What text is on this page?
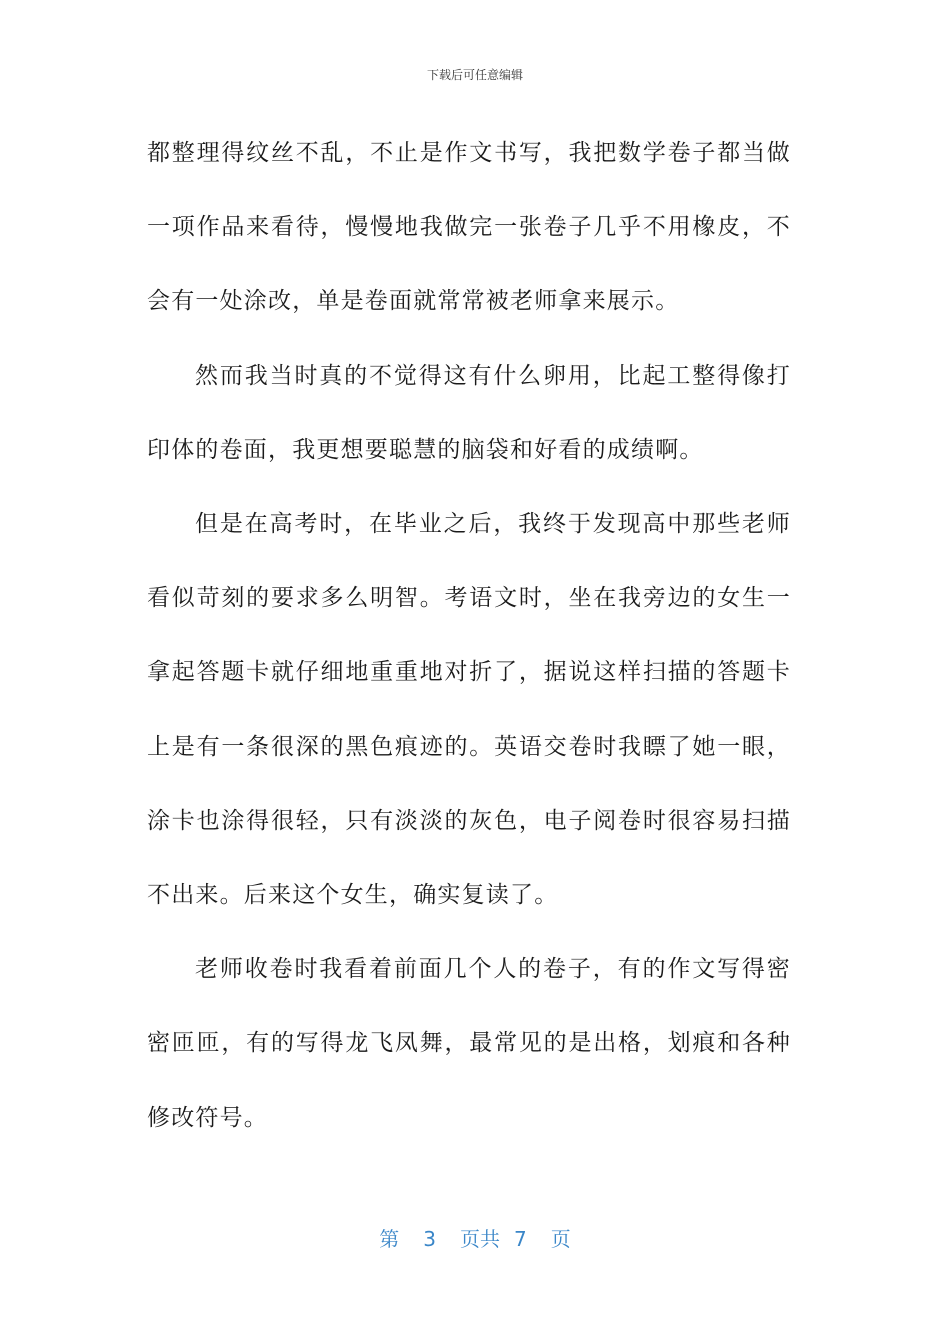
下载后可任意编辑

都整理得纹丝不乱，不止是作文书写，我把数学卷子都当做一项作品来看待，慢慢地我做完一张卷子几乎不用橡皮，不会有一处涂改，单是卷面就常常被老师拿来展示。

然而我当时真的不觉得这有什么卵用，比起工整得像打印体的卷面，我更想要聪慧的脑袋和好看的成绩啊。

但是在高考时，在毕业之后，我终于发现高中那些老师看似苛刻的要求多么明智。考语文时，坐在我旁边的女生一拿起答题卡就仔细地重重地对折了，据说这样扫描的答题卡上是有一条很深的黑色痕迹的。英语交卷时我瞟了她一眼，涂卡也涂得很轻，只有淡淡的灰色，电子阅卷时很容易扫描不出来。后来这个女生，确实复读了。

老师收卷时我看着前面几个人的卷子，有的作文写得密密匝匝，有的写得龙飞凤舞，最常见的是出格，划痕和各种修改符号。

第 3 页共 7 页
